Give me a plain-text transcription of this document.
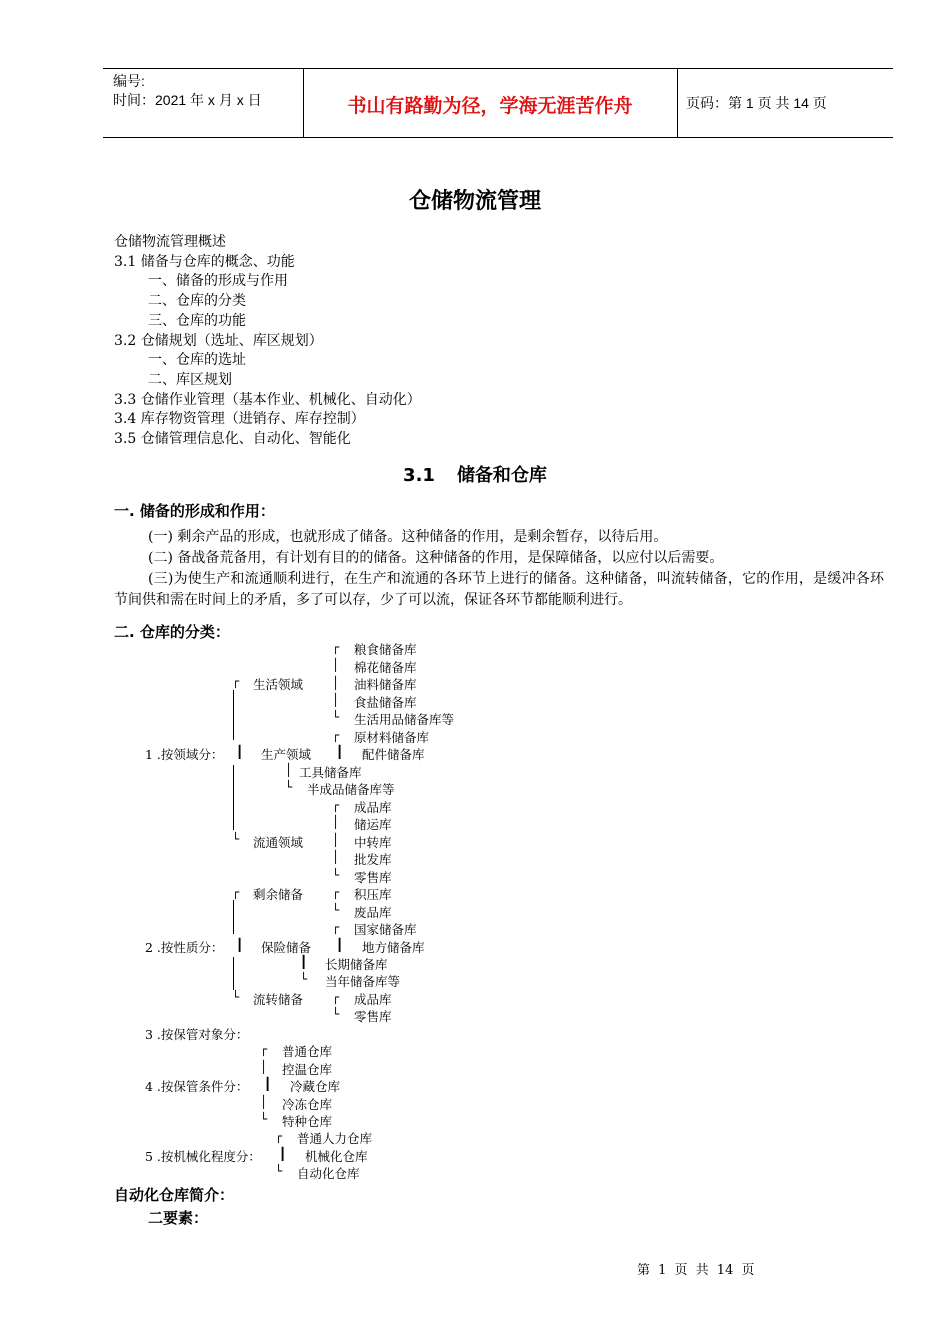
编号:
时间：2021 年 x 月 x 日	书山有路勤为径，学海无涯苦作舟	页码：第 1 页 共 14 页
仓储物流管理
仓储物流管理概述
3.1 储备与仓库的概念、功能
一、储备的形成与作用
二、仓库的分类
三、仓库的功能
3.2 仓储规划（选址、库区规划）
一、仓库的选址
二、库区规划
3.3 仓储作业管理（基本作业、机械化、自动化）
3.4 库存物资管理（进销存、库存控制）
3.5 仓储管理信息化、自动化、智能化
3.1 储备和仓库
一. 储备的形成和作用：

(一) 剩余产品的形成，也就形成了储备。这种储备的作用，是剩余暂存，以待后用。

(二) 备战备荒备用，有计划有目的的储备。这种储备的作用，是保障储备，以应付以后需要。

(三)为使生产和流通顺利进行，在生产和流通的各环节上进行的储备。这种储备，叫流转储备，它的作用，是缓冲各环节间供和需在时间上的矛盾，多了可以存，少了可以流，保证各环节都能顺利进行。

二. 仓库的分类：
1 .按领域分：
┌
┃
└
生活领域
┌
│
│
│
└
粮食储备库
棉花储备库
油料储备库
食盐储备库
生活用品储备库等
生产领域
┌
┃
│
└
原材料储备库
配件储备库
工具储备库
半成品储备库等
流通领域
┌
│
│
│
└
成品库
储运库
中转库
批发库
零售库
2 .按性质分：
┌
┃
└
剩余储备 ┌
└
积压库
废品库
保险储备
┌
┃
┃
└
国家储备库
地方储备库
长期储备库
当年储备库等
流转储备 ┌
└
成品库
零售库
3 .按保管对象分：
4 .按保管条件分：
┌
│
┃
│
└
普通仓库
控温仓库
冷藏仓库
冷冻仓库
特种仓库
5 .按机械化程度分：
┌
┃
└
普通人力仓库
机械化仓库
自动化仓库
自动化仓库简介：
二要素：
第 1 页 共 14 页
